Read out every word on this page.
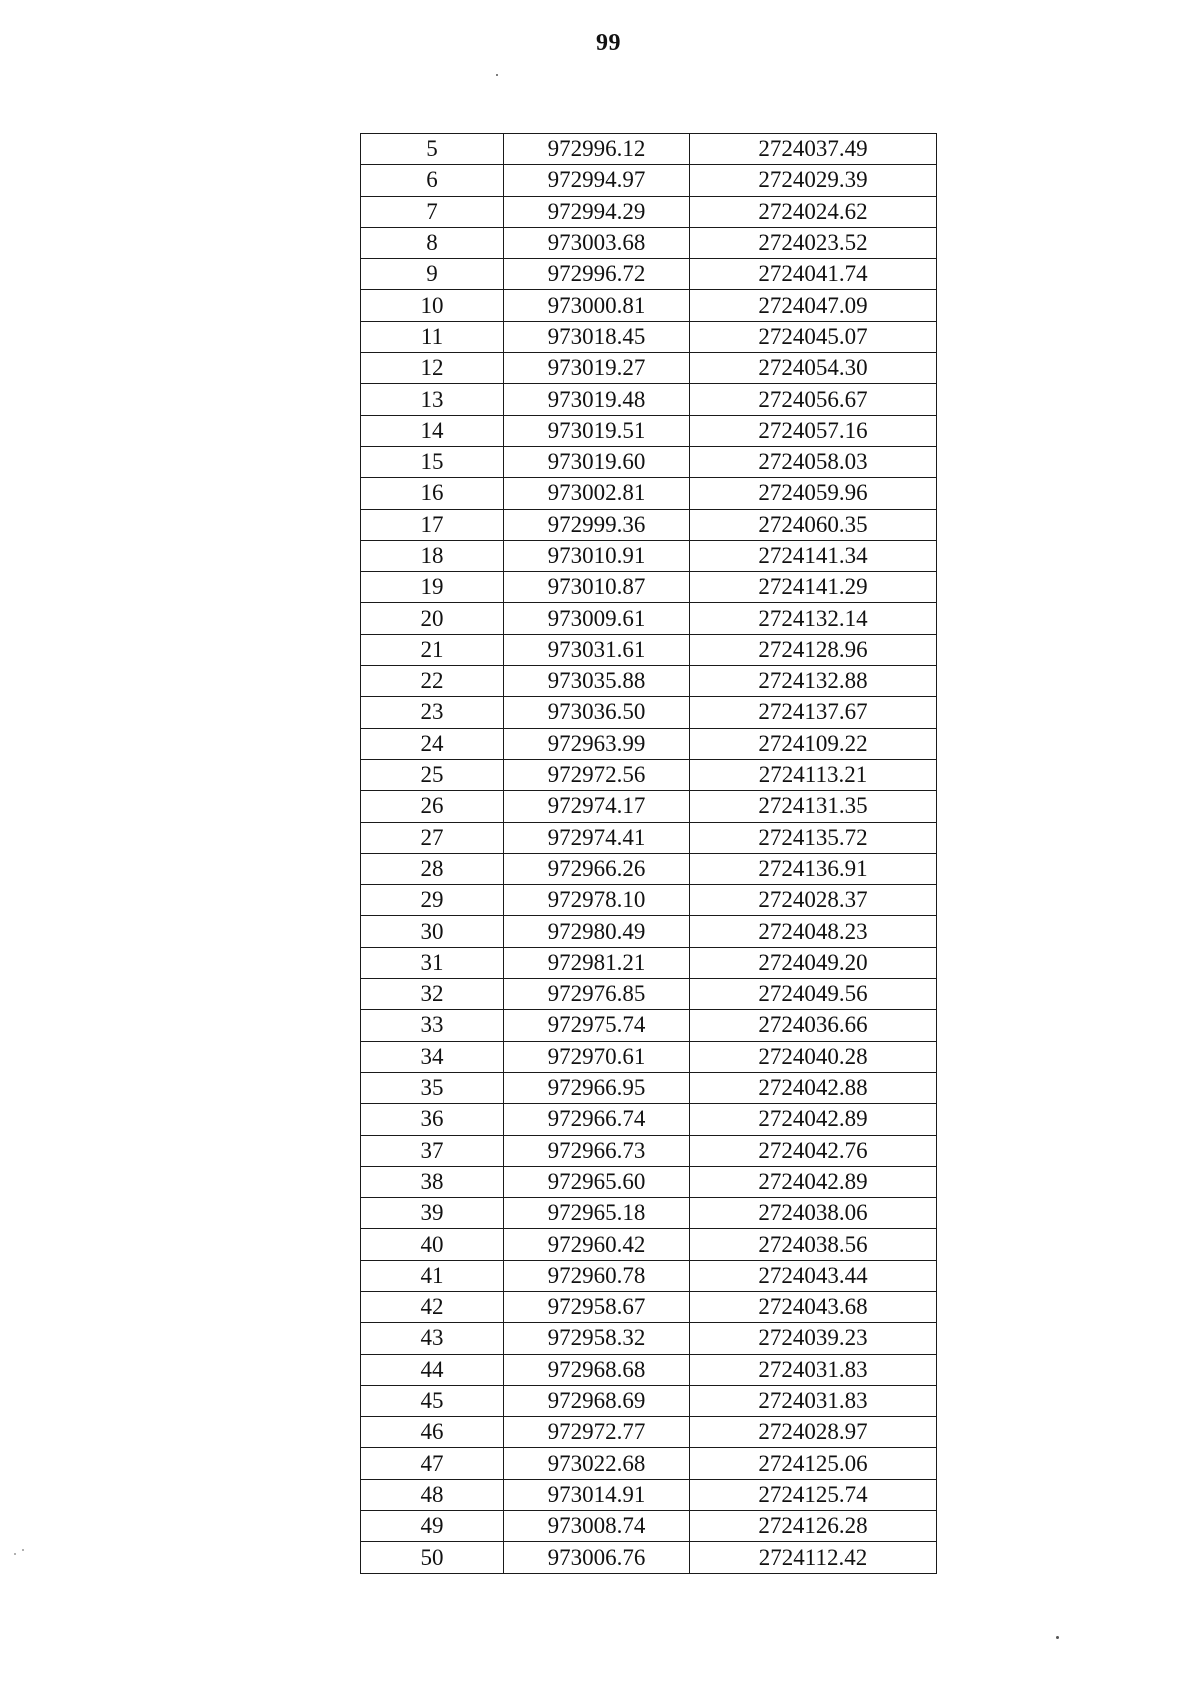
99
5	972996.12	2724037.49
6	972994.97	2724029.39
7	972994.29	2724024.62
8	973003.68	2724023.52
9	972996.72	2724041.74
10	973000.81	2724047.09
11	973018.45	2724045.07
12	973019.27	2724054.30
13	973019.48	2724056.67
14	973019.51	2724057.16
15	973019.60	2724058.03
16	973002.81	2724059.96
17	972999.36	2724060.35
18	973010.91	2724141.34
19	973010.87	2724141.29
20	973009.61	2724132.14
21	973031.61	2724128.96
22	973035.88	2724132.88
23	973036.50	2724137.67
24	972963.99	2724109.22
25	972972.56	2724113.21
26	972974.17	2724131.35
27	972974.41	2724135.72
28	972966.26	2724136.91
29	972978.10	2724028.37
30	972980.49	2724048.23
31	972981.21	2724049.20
32	972976.85	2724049.56
33	972975.74	2724036.66
34	972970.61	2724040.28
35	972966.95	2724042.88
36	972966.74	2724042.89
37	972966.73	2724042.76
38	972965.60	2724042.89
39	972965.18	2724038.06
40	972960.42	2724038.56
41	972960.78	2724043.44
42	972958.67	2724043.68
43	972958.32	2724039.23
44	972968.68	2724031.83
45	972968.69	2724031.83
46	972972.77	2724028.97
47	973022.68	2724125.06
48	973014.91	2724125.74
49	973008.74	2724126.28
50	973006.76	2724112.42
